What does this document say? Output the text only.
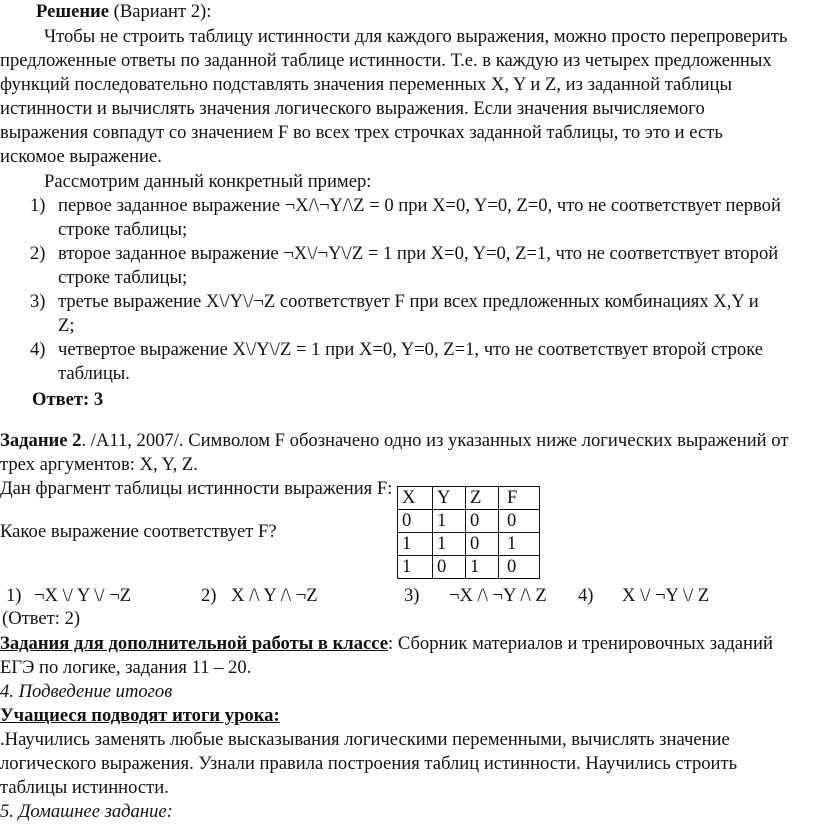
Решение (Вариант 2):
Чтобы не строить таблицу истинности для каждого выражения, можно просто перепроверить
предложенные ответы по заданной таблице истинности. Т.е. в каждую из четырех предложенных
функций последовательно подставлять значения переменных X, Y и Z, из заданной таблицы
истинности и вычислять значения логического выражения. Если значения вычисляемого
выражения совпадут со значением F во всех трех строчках заданной таблицы, то это и есть
искомое выражение.
Рассмотрим данный конкретный пример:
1) первое заданное выражение ¬X/\¬Y/\Z = 0 при X=0, Y=0, Z=0, что не соответствует первой
строке таблицы;
2) второе заданное выражение ¬X\/¬Y\/Z = 1 при X=0, Y=0, Z=1, что не соответствует второй
строке таблицы;
3) третье выражение X\/Y\/¬Z соответствует F при всех предложенных комбинациях X,Y и
Z;
4) четвертое выражение X\/Y\/Z = 1 при X=0, Y=0, Z=1, что не соответствует второй строке
таблицы.
Ответ: 3
Задание 2. /A11, 2007/. Символом F обозначено одно из указанных ниже логических выражений от
трех аргументов: X, Y, Z.
Дан фрагмент таблицы истинности выражения F:
Какое выражение соответствует F?
X	Y	Z	F
0	1	0	0
1	1	0	1
1	0	1	0
1) ¬X \/ Y \/ ¬Z	2) X /\ Y /\ ¬Z	3) ¬X /\ ¬Y /\ Z 4) X \/ ¬Y \/ Z
(Ответ: 2)
Задания для дополнительной работы в классе: Сборник материалов и тренировочных заданий
ЕГЭ по логике, задания 11 – 20.
4. Подведение итогов
Учащиеся подводят итоги урока:
.Научились заменять любые высказывания логическими переменными, вычислять значение
логического выражения. Узнали правила построения таблиц истинности. Научились строить
таблицы истинности.
5. Домашнее задание:
